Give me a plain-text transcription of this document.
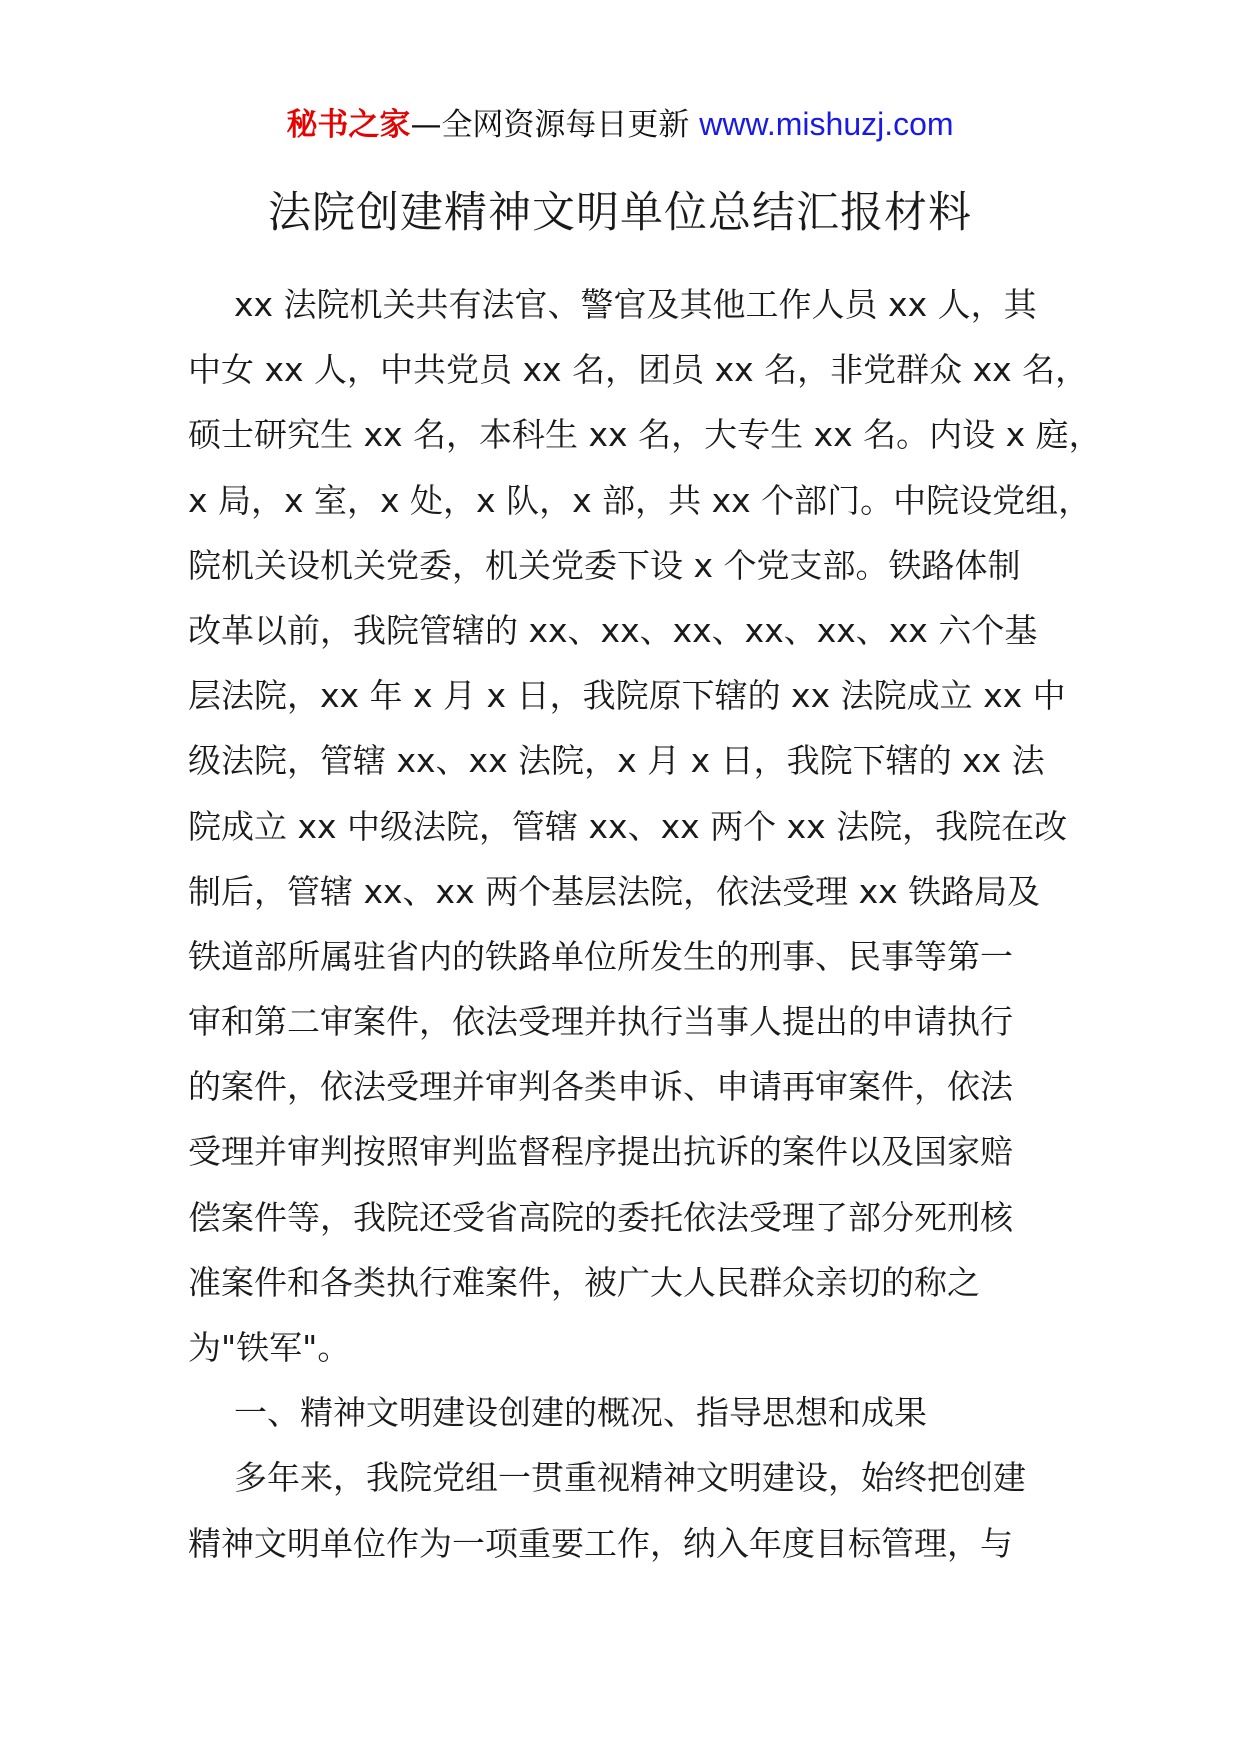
秘书之家—全网资源每日更新 www.mishuzj.com
法院创建精神文明单位总结汇报材料
xx 法院机关共有法官、警官及其他工作人员 xx 人，其
中女 xx 人，中共党员 xx 名，团员 xx 名，非党群众 xx 名，
硕士研究生 xx 名，本科生 xx 名，大专生 xx 名。内设 x 庭，
x 局，x 室，x 处，x 队，x 部，共 xx 个部门。中院设党组，
院机关设机关党委，机关党委下设 x 个党支部。铁路体制
改革以前，我院管辖的 xx、xx、xx、xx、xx、xx 六个基
层法院，xx 年 x 月 x 日，我院原下辖的 xx 法院成立 xx 中
级法院，管辖 xx、xx 法院，x 月 x 日，我院下辖的 xx 法
院成立 xx 中级法院，管辖 xx、xx 两个 xx 法院，我院在改
制后，管辖 xx、xx 两个基层法院，依法受理 xx 铁路局及
铁道部所属驻省内的铁路单位所发生的刑事、民事等第一
审和第二审案件，依法受理并执行当事人提出的申请执行
的案件，依法受理并审判各类申诉、申请再审案件，依法
受理并审判按照审判监督程序提出抗诉的案件以及国家赔
偿案件等，我院还受省高院的委托依法受理了部分死刑核
准案件和各类执行难案件，被广大人民群众亲切的称之
为"铁军"。
一、精神文明建设创建的概况、指导思想和成果
多年来，我院党组一贯重视精神文明建设，始终把创建
精神文明单位作为一项重要工作，纳入年度目标管理，与
